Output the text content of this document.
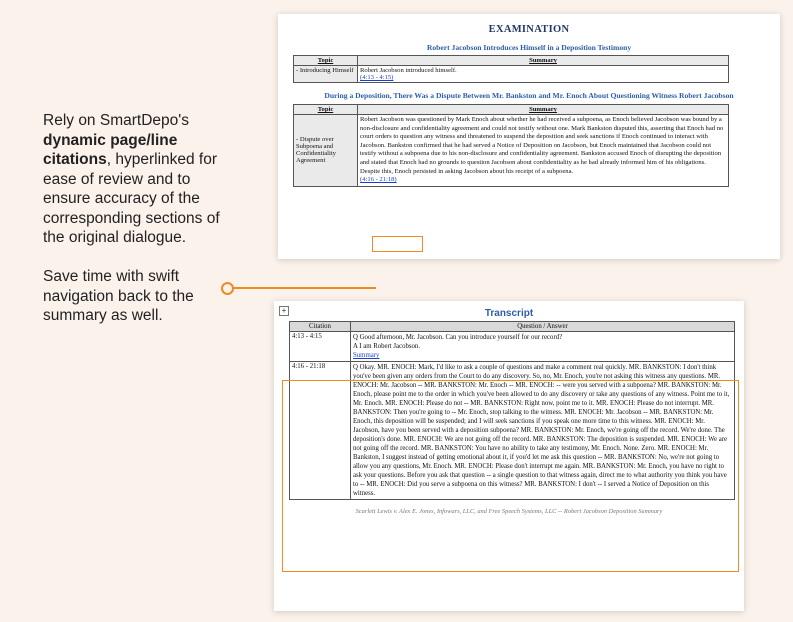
Rely on SmartDepo's dynamic page/line citations, hyperlinked for ease of review and to ensure accuracy of the corresponding sections of the original dialogue.
Save time with swift navigation back to the summary as well.
EXAMINATION
Robert Jacobson Introduces Himself in a Deposition Testimony
Topic	Summary
- Introducing Himself	Robert Jacobson introduced himself.
(4:13 - 4:15)
During a Deposition, There Was a Dispute Between Mr. Bankston and Mr. Enoch About Questioning Witness Robert Jacobson
Topic	Summary
- Dispute over Subpoena and Confidentiality Agreement	Robert Jacobson was questioned by Mark Enoch about whether he had received a subpoena, as Enoch believed Jacobson was bound by a non-disclosure and confidentiality agreement and could not testify without one. Mark Bankston disputed this, asserting that Enoch had no court orders to question any witness and threatened to suspend the deposition and seek sanctions if Enoch continued to interact with Jacobson. Bankston confirmed that he had served a Notice of Deposition on Jacobson, but Enoch maintained that Jacobson could not testify without a subpoena due to his non-disclosure and confidentiality agreement. Bankston accused Enoch of disrupting the deposition and stated that Enoch had no grounds to question Jacobson about confidentiality as he had already informed him of his obligations. Despite this, Enoch persisted in asking Jacobson about his receipt of a subpoena.
(4:16 - 21:18)
+	Transcript
Citation	Question / Answer
4:13 - 4:15	Q Good afternoon, Mr. Jacobson. Can you introduce yourself for our record?
A I am Robert Jacobson.
Summary
4:16 - 21:18	Q Okay. MR. ENOCH: Mark, I'd like to ask a couple of questions and make a comment real quickly. MR. BANKSTON: I don't think you've been given any orders from the Court to do any discovery. So, no, Mr. Enoch, you're not asking this witness any questions. MR. ENOCH: Mr. Jacobson -- MR. BANKSTON: Mr. Enoch -- MR. ENOCH: -- were you served with a subpoena? MR. BANKSTON: Mr. Enoch, please point me to the order in which you've been allowed to do any discovery or take any questions of any witness. Point me to it, Mr. Enoch. MR. ENOCH: Please do not -- MR. BANKSTON: Right now, point me to it. MR. ENOCH: Please do not interrupt. MR. BANKSTON: Then you're going to -- Mr. Enoch, stop talking to the witness. MR. ENOCH: Mr. Jacobson -- MR. BANKSTON: Mr. Enoch, this deposition will be suspended; and I will seek sanctions if you speak one more time to this witness. MR. ENOCH: Mr. Jacobson, have you been served with a deposition subpoena? MR. BANKSTON: Mr. Enoch, we're going off the record. We're done. The deposition's done. MR. ENOCH: We are not going off the record. MR. BANKSTON: The deposition is suspended. MR. ENOCH: We are not going off the record. MR. BANKSTON: You have no ability to take any testimony, Mr. Enoch. None. Zero. MR. ENOCH: Mr. Bankston, I suggest instead of getting emotional about it, if you'd let me ask this question -- MR. BANKSTON: No, we're not going to allow you any questions, Mr. Enoch. MR. ENOCH: Please don't interrupt me again. MR. BANKSTON: Mr. Enoch, you have no right to ask your questions. Before you ask that question -- a single question to that witness again, direct me to what authority you think you have to -- MR. ENOCH: Did you serve a subpoena on this witness? MR. BANKSTON: I don't -- I served a Notice of Deposition on this witness.
Scarlett Lewis v. Alex E. Jones, Infowars, LLC, and Free Speech Systems, LLC -- Robert Jacobson Deposition Summary
